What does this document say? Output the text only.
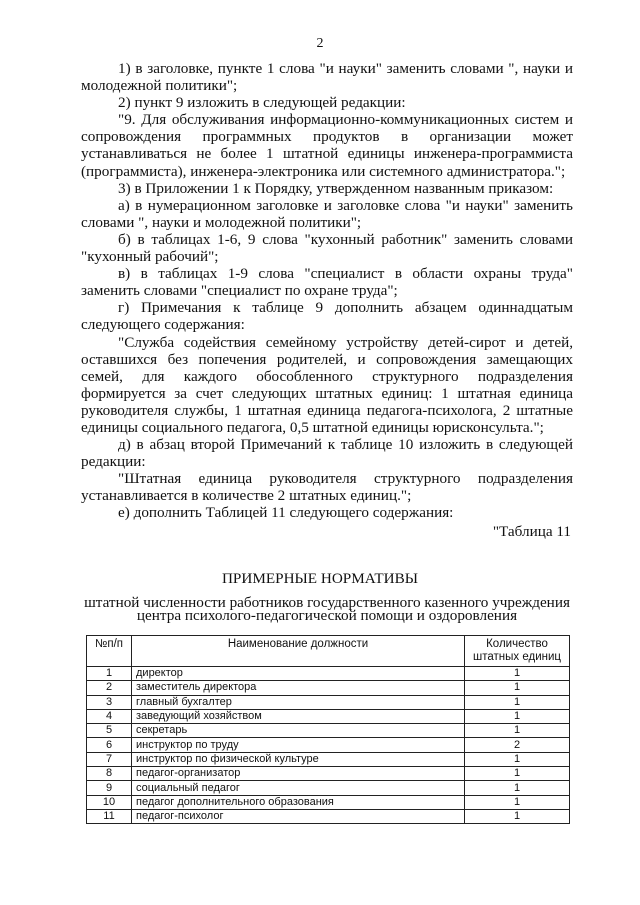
2

1) в заголовке, пункте 1 слова "и науки" заменить словами ", науки и молодежной политики";

2) пункт 9 изложить в следующей редакции:

"9. Для обслуживания информационно-коммуникационных систем и сопровождения программных продуктов в организации может устанавливаться не более 1 штатной единицы инженера-программиста (программиста), инженера-электроника или системного администратора.";

3) в Приложении 1 к Порядку, утвержденном названным приказом:

а) в нумерационном заголовке и заголовке слова "и науки" заменить словами ", науки и молодежной политики";

б) в таблицах 1-6, 9 слова "кухонный работник" заменить словами "кухонный рабочий";

в) в таблицах 1-9 слова "специалист в области охраны труда" заменить словами "специалист по охране труда";

г) Примечания к таблице 9 дополнить абзацем одиннадцатым следующего содержания:

"Служба содействия семейному устройству детей-сирот и детей, оставшихся без попечения родителей, и сопровождения замещающих семей, для каждого обособленного структурного подразделения формируется за счет следующих штатных единиц: 1 штатная единица руководителя службы, 1 штатная единица педагога-психолога, 2 штатные единицы социального педагога, 0,5 штатной единицы юрисконсульта.";

д) в абзац второй Примечаний к таблице 10 изложить в следующей редакции:

"Штатная единица руководителя структурного подразделения устанавливается в количестве 2 штатных единиц.";

е) дополнить Таблицей 11 следующего содержания:

"Таблица 11

ПРИМЕРНЫЕ НОРМАТИВЫ
штатной численности работников государственного казенного учреждения
центра психолого-педагогической помощи и оздоровления
№п/п	Наименование должности	Количество штатных единиц
1	директор	1
2	заместитель директора	1
3	главный бухгалтер	1
4	заведующий хозяйством	1
5	секретарь	1
6	инструктор по труду	2
7	инструктор по физической культуре	1
8	педагог-организатор	1
9	социальный педагог	1
10	педагог дополнительного образования	1
11	педагог-психолог	1
